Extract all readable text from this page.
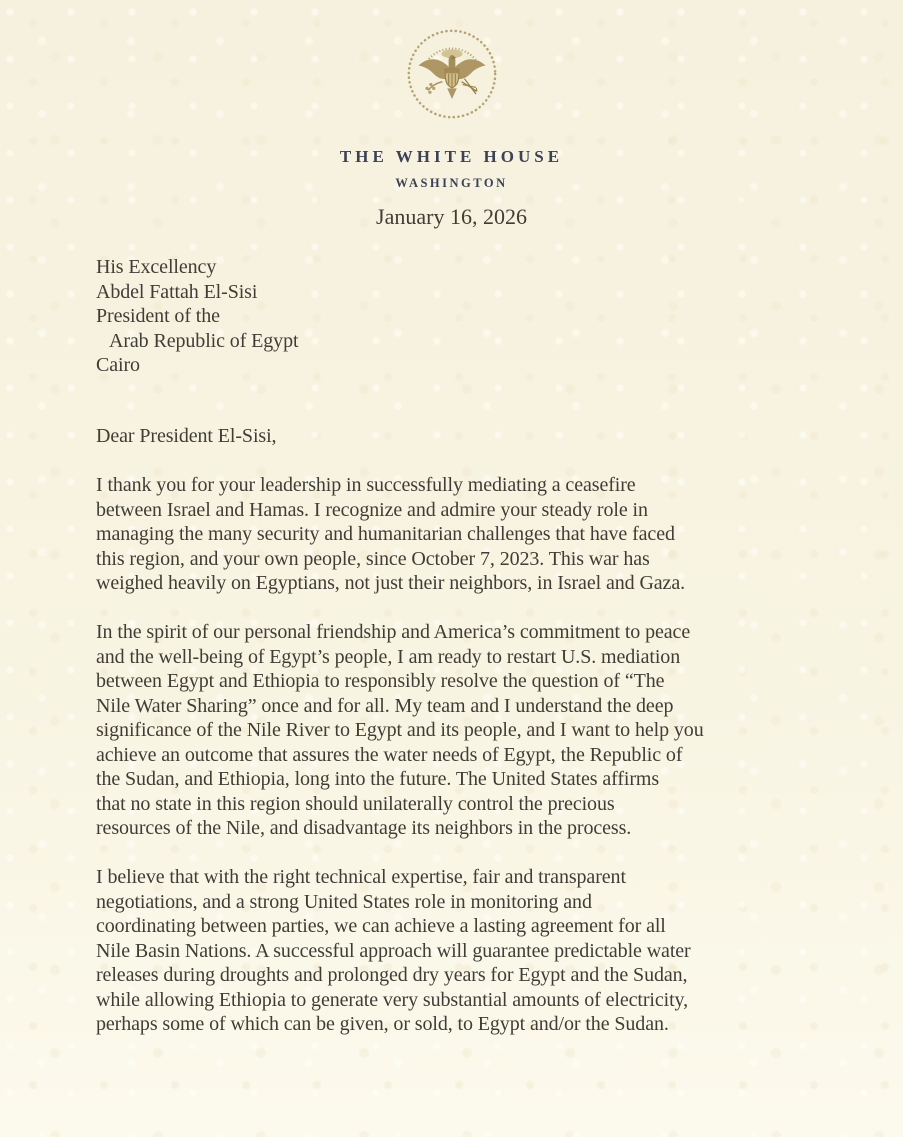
THE WHITE HOUSE
WASHINGTON
January 16, 2026
His Excellency
Abdel Fattah El-Sisi
President of the
Arab Republic of Egypt
Cairo
Dear President El-Sisi,
I thank you for your leadership in successfully mediating a ceasefire
between Israel and Hamas. I recognize and admire your steady role in
managing the many security and humanitarian challenges that have faced
this region, and your own people, since October 7, 2023. This war has
weighed heavily on Egyptians, not just their neighbors, in Israel and Gaza.
In the spirit of our personal friendship and America’s commitment to peace
and the well-being of Egypt’s people, I am ready to restart U.S. mediation
between Egypt and Ethiopia to responsibly resolve the question of “The
Nile Water Sharing” once and for all. My team and I understand the deep
significance of the Nile River to Egypt and its people, and I want to help you
achieve an outcome that assures the water needs of Egypt, the Republic of
the Sudan, and Ethiopia, long into the future. The United States affirms
that no state in this region should unilaterally control the precious
resources of the Nile, and disadvantage its neighbors in the process.
I believe that with the right technical expertise, fair and transparent
negotiations, and a strong United States role in monitoring and
coordinating between parties, we can achieve a lasting agreement for all
Nile Basin Nations. A successful approach will guarantee predictable water
releases during droughts and prolonged dry years for Egypt and the Sudan,
while allowing Ethiopia to generate very substantial amounts of electricity,
perhaps some of which can be given, or sold, to Egypt and/or the Sudan.
